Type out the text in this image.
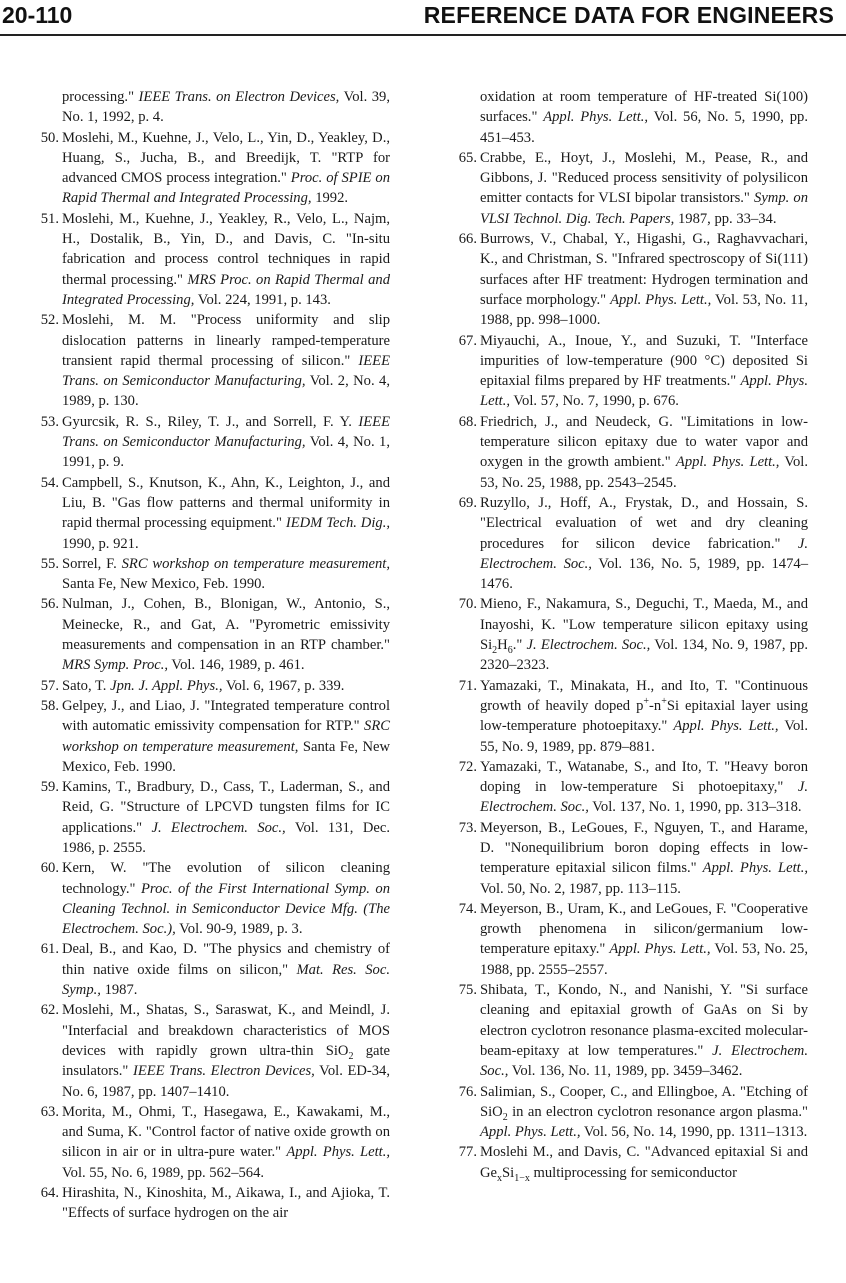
20-110	REFERENCE DATA FOR ENGINEERS

processing." IEEE Trans. on Electron Devices, Vol. 39, No. 1, 1992, p. 4.

50. Moslehi, M., Kuehne, J., Velo, L., Yin, D., Yeakley, D., Huang, S., Jucha, B., and Breedijk, T. "RTP for advanced CMOS process integration." Proc. of SPIE on Rapid Thermal and Integrated Processing, 1992.

51. Moslehi, M., Kuehne, J., Yeakley, R., Velo, L., Najm, H., Dostalik, B., Yin, D., and Davis, C. "In-situ fabrication and process control techniques in rapid thermal processing." MRS Proc. on Rapid Thermal and Integrated Processing, Vol. 224, 1991, p. 143.

52. Moslehi, M. M. "Process uniformity and slip dislocation patterns in linearly ramped-temperature transient rapid thermal processing of silicon." IEEE Trans. on Semiconductor Manufacturing, Vol. 2, No. 4, 1989, p. 130.

53. Gyurcsik, R. S., Riley, T. J., and Sorrell, F. Y. IEEE Trans. on Semiconductor Manufacturing, Vol. 4, No. 1, 1991, p. 9.

54. Campbell, S., Knutson, K., Ahn, K., Leighton, J., and Liu, B. "Gas flow patterns and thermal uniformity in rapid thermal processing equipment." IEDM Tech. Dig., 1990, p. 921.

55. Sorrel, F. SRC workshop on temperature measurement, Santa Fe, New Mexico, Feb. 1990.

56. Nulman, J., Cohen, B., Blonigan, W., Antonio, S., Meinecke, R., and Gat, A. "Pyrometric emissivity measurements and compensation in an RTP chamber." MRS Symp. Proc., Vol. 146, 1989, p. 461.

57. Sato, T. Jpn. J. Appl. Phys., Vol. 6, 1967, p. 339.

58. Gelpey, J., and Liao, J. "Integrated temperature control with automatic emissivity compensation for RTP." SRC workshop on temperature measurement, Santa Fe, New Mexico, Feb. 1990.

59. Kamins, T., Bradbury, D., Cass, T., Laderman, S., and Reid, G. "Structure of LPCVD tungsten films for IC applications." J. Electrochem. Soc., Vol. 131, Dec. 1986, p. 2555.

60. Kern, W. "The evolution of silicon cleaning technology." Proc. of the First International Symp. on Cleaning Technol. in Semiconductor Device Mfg. (The Electrochem. Soc.), Vol. 90-9, 1989, p. 3.

61. Deal, B., and Kao, D. "The physics and chemistry of thin native oxide films on silicon," Mat. Res. Soc. Symp., 1987.

62. Moslehi, M., Shatas, S., Saraswat, K., and Meindl, J. "Interfacial and breakdown characteristics of MOS devices with rapidly grown ultra-thin SiO$_2$ gate insulators." IEEE Trans. Electron Devices, Vol. ED-34, No. 6, 1987, pp. 1407–1410.

63. Morita, M., Ohmi, T., Hasegawa, E., Kawakami, M., and Suma, K. "Control factor of native oxide growth on silicon in air or in ultra-pure water." Appl. Phys. Lett., Vol. 55, No. 6, 1989, pp. 562–564.

64. Hirashita, N., Kinoshita, M., Aikawa, I., and Ajioka, T. "Effects of surface hydrogen on the air

oxidation at room temperature of HF-treated Si(100) surfaces." Appl. Phys. Lett., Vol. 56, No. 5, 1990, pp. 451–453.

65. Crabbe, E., Hoyt, J., Moslehi, M., Pease, R., and Gibbons, J. "Reduced process sensitivity of polysilicon emitter contacts for VLSI bipolar transistors." Symp. on VLSI Technol. Dig. Tech. Papers, 1987, pp. 33–34.

66. Burrows, V., Chabal, Y., Higashi, G., Raghavvachari, K., and Christman, S. "Infrared spectroscopy of Si(111) surfaces after HF treatment: Hydrogen termination and surface morphology." Appl. Phys. Lett., Vol. 53, No. 11, 1988, pp. 998–1000.

67. Miyauchi, A., Inoue, Y., and Suzuki, T. "Interface impurities of low-temperature (900 °C) deposited Si epitaxial films prepared by HF treatments." Appl. Phys. Lett., Vol. 57, No. 7, 1990, p. 676.

68. Friedrich, J., and Neudeck, G. "Limitations in low-temperature silicon epitaxy due to water vapor and oxygen in the growth ambient." Appl. Phys. Lett., Vol. 53, No. 25, 1988, pp. 2543–2545.

69. Ruzyllo, J., Hoff, A., Frystak, D., and Hossain, S. "Electrical evaluation of wet and dry cleaning procedures for silicon device fabrication." J. Electrochem. Soc., Vol. 136, No. 5, 1989, pp. 1474–1476.

70. Mieno, F., Nakamura, S., Deguchi, T., Maeda, M., and Inayoshi, K. "Low temperature silicon epitaxy using $Si_2H_6$." J. Electrochem. Soc., Vol. 134, No. 9, 1987, pp. 2320–2323.

71. Yamazaki, T., Minakata, H., and Ito, T. "Continuous growth of heavily doped p+-n+Si epitaxial layer using low-temperature photoepitaxy." Appl. Phys. Lett., Vol. 55, No. 9, 1989, pp. 879–881.

72. Yamazaki, T., Watanabe, S., and Ito, T. "Heavy boron doping in low-temperature Si photoepitaxy," J. Electrochem. Soc., Vol. 137, No. 1, 1990, pp. 313–318.

73. Meyerson, B., LeGoues, F., Nguyen, T., and Harame, D. "Nonequilibrium boron doping effects in low-temperature epitaxial silicon films." Appl. Phys. Lett., Vol. 50, No. 2, 1987, pp. 113–115.

74. Meyerson, B., Uram, K., and LeGoues, F. "Cooperative growth phenomena in silicon/germanium low-temperature epitaxy." Appl. Phys. Lett., Vol. 53, No. 25, 1988, pp. 2555–2557.

75. Shibata, T., Kondo, N., and Nanishi, Y. "Si surface cleaning and epitaxial growth of GaAs on Si by electron cyclotron resonance plasma-excited molecular-beam-epitaxy at low temperatures." J. Electrochem. Soc., Vol. 136, No. 11, 1989, pp. 3459–3462.

76. Salimian, S., Cooper, C., and Ellingboe, A. "Etching of SiO$_2$ in an electron cyclotron resonance argon plasma." Appl. Phys. Lett., Vol. 56, No. 14, 1990, pp. 1311–1313.

77. Moslehi M., and Davis, C. "Advanced epitaxial Si and $Ge_xSi_{1-x}$ multiprocessing for semiconductor
